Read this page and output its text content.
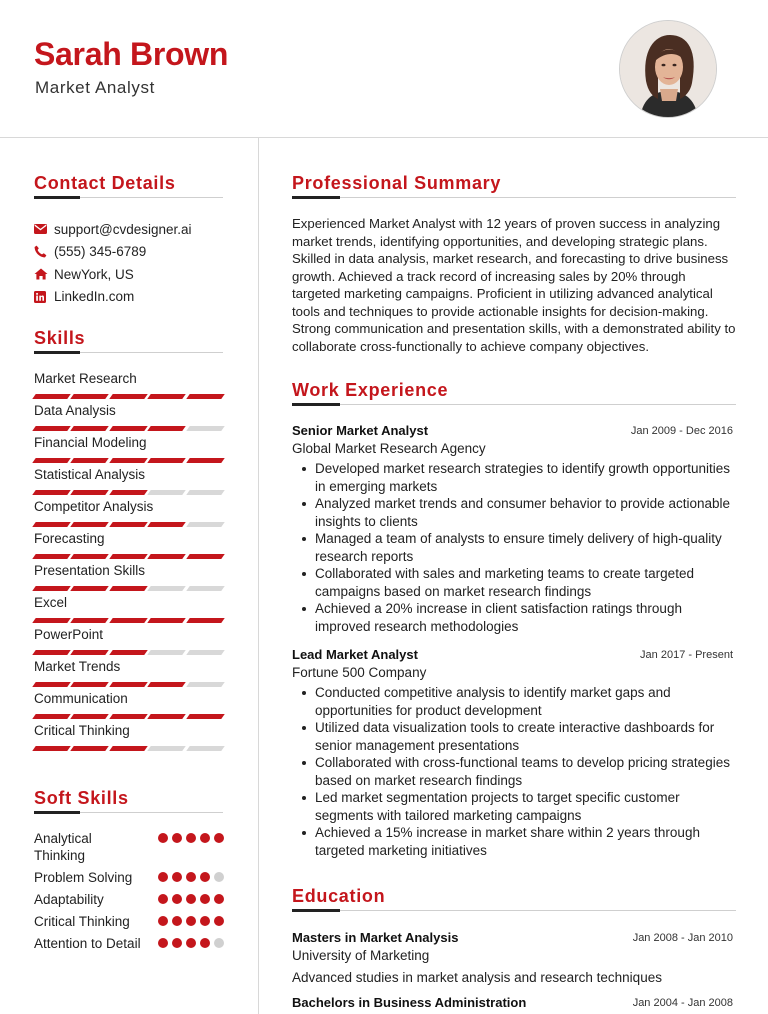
Sarah Brown
Market Analyst
Contact Details
support@cvdesigner.ai
(555) 345-6789
NewYork, US
LinkedIn.com
Skills
Market Research
Data Analysis
Financial Modeling
Statistical Analysis
Competitor Analysis
Forecasting
Presentation Skills
Excel
PowerPoint
Market Trends
Communication
Critical Thinking
Soft Skills
Analytical Thinking
Problem Solving
Adaptability
Critical Thinking
Attention to Detail
Professional Summary
Experienced Market Analyst with 12 years of proven success in analyzing market trends, identifying opportunities, and developing strategic plans. Skilled in data analysis, market research, and forecasting to drive business growth. Achieved a track record of increasing sales by 20% through targeted marketing campaigns. Proficient in utilizing advanced analytical tools and techniques to provide actionable insights for decision-making. Strong communication and presentation skills, with a demonstrated ability to collaborate cross-functionally to achieve company objectives.
Work Experience
Senior Market Analyst	Jan 2009 - Dec 2016
Global Market Research Agency
Developed market research strategies to identify growth opportunities in emerging markets
Analyzed market trends and consumer behavior to provide actionable insights to clients
Managed a team of analysts to ensure timely delivery of high-quality research reports
Collaborated with sales and marketing teams to create targeted campaigns based on market research findings
Achieved a 20% increase in client satisfaction ratings through improved research methodologies
Lead Market Analyst	Jan 2017 - Present
Fortune 500 Company
Conducted competitive analysis to identify market gaps and opportunities for product development
Utilized data visualization tools to create interactive dashboards for senior management presentations
Collaborated with cross-functional teams to develop pricing strategies based on market research findings
Led market segmentation projects to target specific customer segments with tailored marketing campaigns
Achieved a 15% increase in market share within 2 years through targeted marketing initiatives
Education
Masters in Market Analysis	Jan 2008 - Jan 2010
University of Marketing
Advanced studies in market analysis and research techniques
Bachelors in Business Administration	Jan 2004 - Jan 2008
